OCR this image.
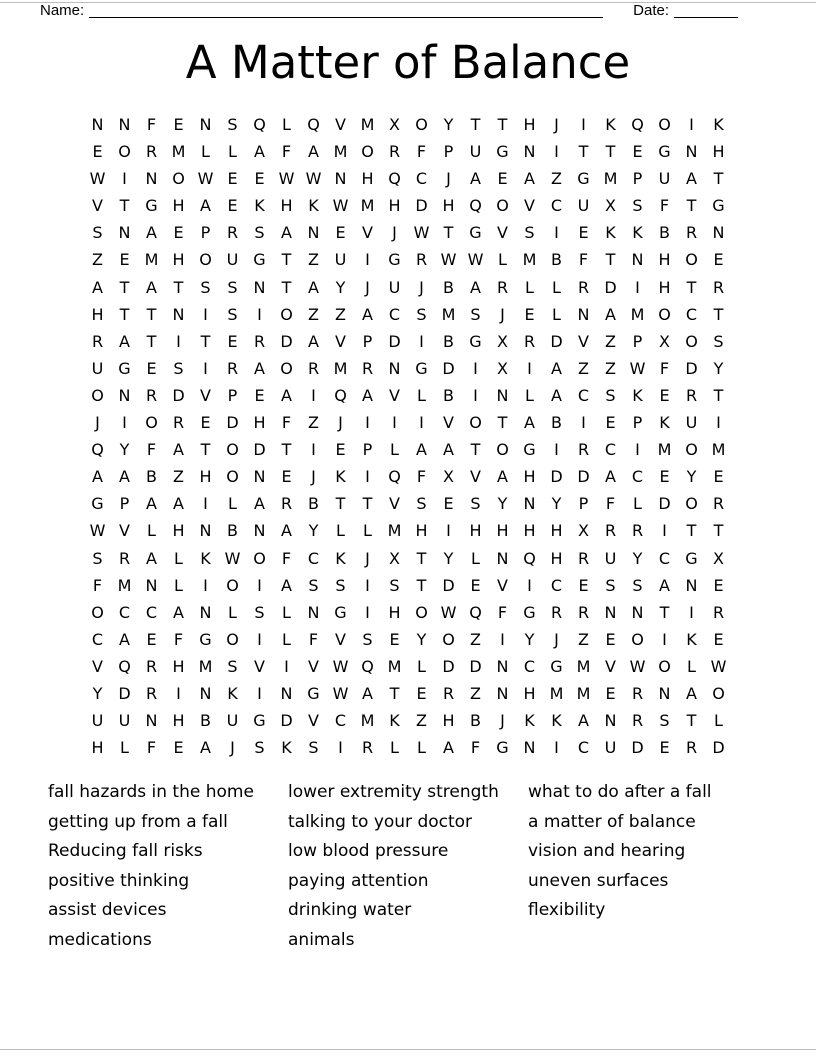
Name:	Date:
A Matter of Balance
N N	F	E N S Q	L	Q V M X O Y	T	T	H	J	I	K Q O	I	K
E O R M L	L	A	F	A M O R	F	P	U G N	I	T	T	E G N H
W	I	N O W E	E W W N H Q C	J	A	E	A	Z G M P	U A	T
V	T G H A	E	K H K W M H D H Q O V C U X	S	F	T G
S N A	E	P	R	S	A N E	V	J	W T G V	S	I	E	K	K	B R N
Z	E M H O U G T	Z U	I	G R W W L M B	F	T	N H O E
A	T	A	T	S	S N	T	A	Y	J	U	J	B	A R	L	L	R D	I	H	T	R
H	T	T	N	I	S	I	O Z	Z	A C	S M S	J	E	L	N A M O C	T
R A	T	I	T	E	R D A	V	P	D	I	B G X R D V	Z	P	X O S
U G E	S	I	R A O R M R N G D	I	X	I	A	Z	Z W F	D Y
O N R D V	P	E	A	I	Q A	V	L	B	I	N	L	A C	S	K	E	R	T
J	I	O R	E D H	F	Z	J	I	I	I	V O T	A	B	I	E	P	K U	I
Q Y	F	A	T O D T	I	E	P	L	A	A	T O G	I	R C	I	M O M
A	A	B	Z H O N E	J	K	I	Q	F	X	V	A H D D A C	E	Y	E
G P	A	A	I	L	A R B	T	T	V	S	E	S	Y	N	Y	P	F	L	D O R
W V	L	H N B N A	Y	L	L M H	I	H H H H X R R	I	T	T
S	R A	L	K W O	F	C	K	J	X	T	Y	L	N Q H R U	Y	C G X
F M N	L	I	O	I	A	S	S	I	S	T D E	V	I	C	E	S	S	A N E
O C C A N	L	S	L	N G	I	H O W Q	F	G R R N N	T	I	R
C A	E	F	G O	I	L	F	V	S	E	Y O Z	I	Y	J	Z	E O	I	K	E
V Q R H M S	V	I	V W Q M L	D D N C G M V W O	L W
Y D R	I	N K	I	N G W A	T	E	R Z N H M M E	R N A O
U U N H B U G D V C M K	Z H B	J	K	K	A N R	S	T	L
H	L	F	E	A	J	S	K	S	I	R	L	L	A	F	G N	I	C U D E	R D
fall hazards in the home
getting up from a fall
Reducing fall risks
positive thinking
assist devices
medications
lower extremity strength
talking to your doctor
low blood pressure
paying attention
drinking water
animals
what to do after a fall
a matter of balance
vision and hearing
uneven surfaces
flexibility
